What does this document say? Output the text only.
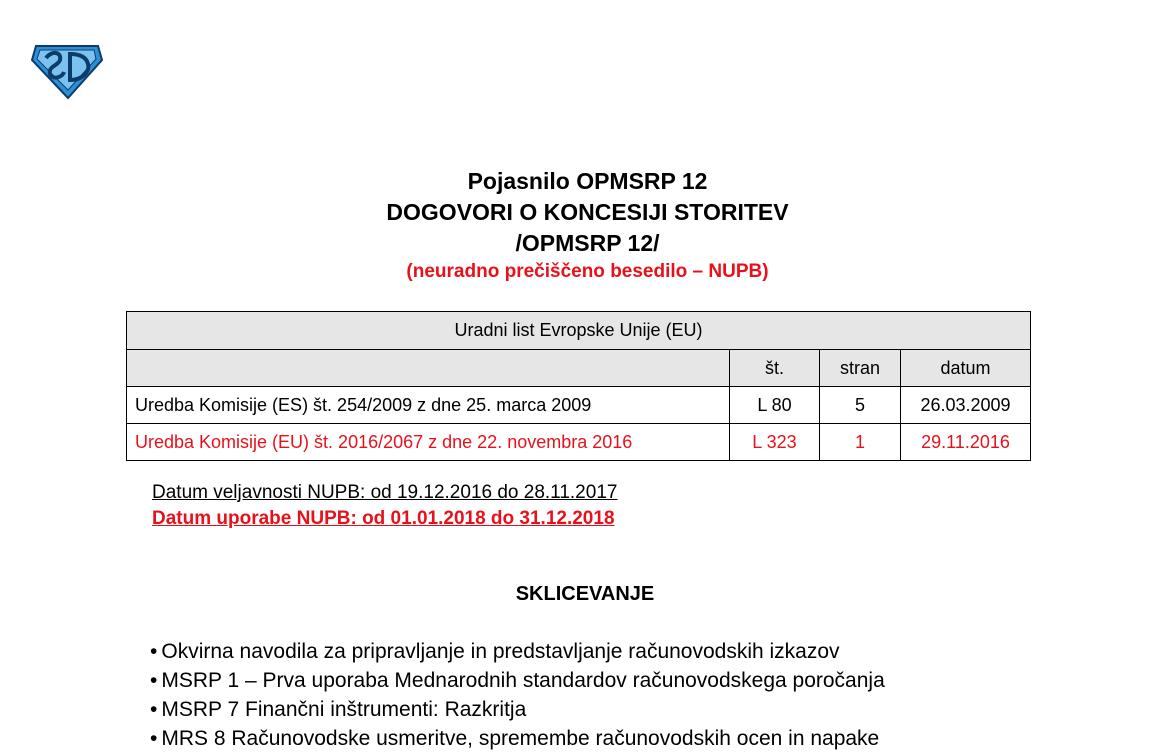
Pojasnilo OPMSRP 12
DOGOVORI O KONCESIJI STORITEV
/OPMSRP 12/
(neuradno prečiščeno besedilo – NUPB)
Uradni list Evropske Unije (EU)			
	št.	stran	datum
Uredba Komisije (ES) št. 254/2009 z dne 25. marca 2009	L 80	5	26.03.2009
Uredba Komisije (EU) št. 2016/2067 z dne 22. novembra 2016	L 323	1	29.11.2016
Datum veljavnosti NUPB: od 19.12.2016 do 28.11.2017
Datum uporabe NUPB: od 01.01.2018 do 31.12.2018
SKLICEVANJE
• Okvirna navodila za pripravljanje in predstavljanje računovodskih izkazov
• MSRP 1 – Prva uporaba Mednarodnih standardov računovodskega poročanja
• MSRP 7 Finančni inštrumenti: Razkritja
• MRS 8 Računovodske usmeritve, spremembe računovodskih ocen in napake
